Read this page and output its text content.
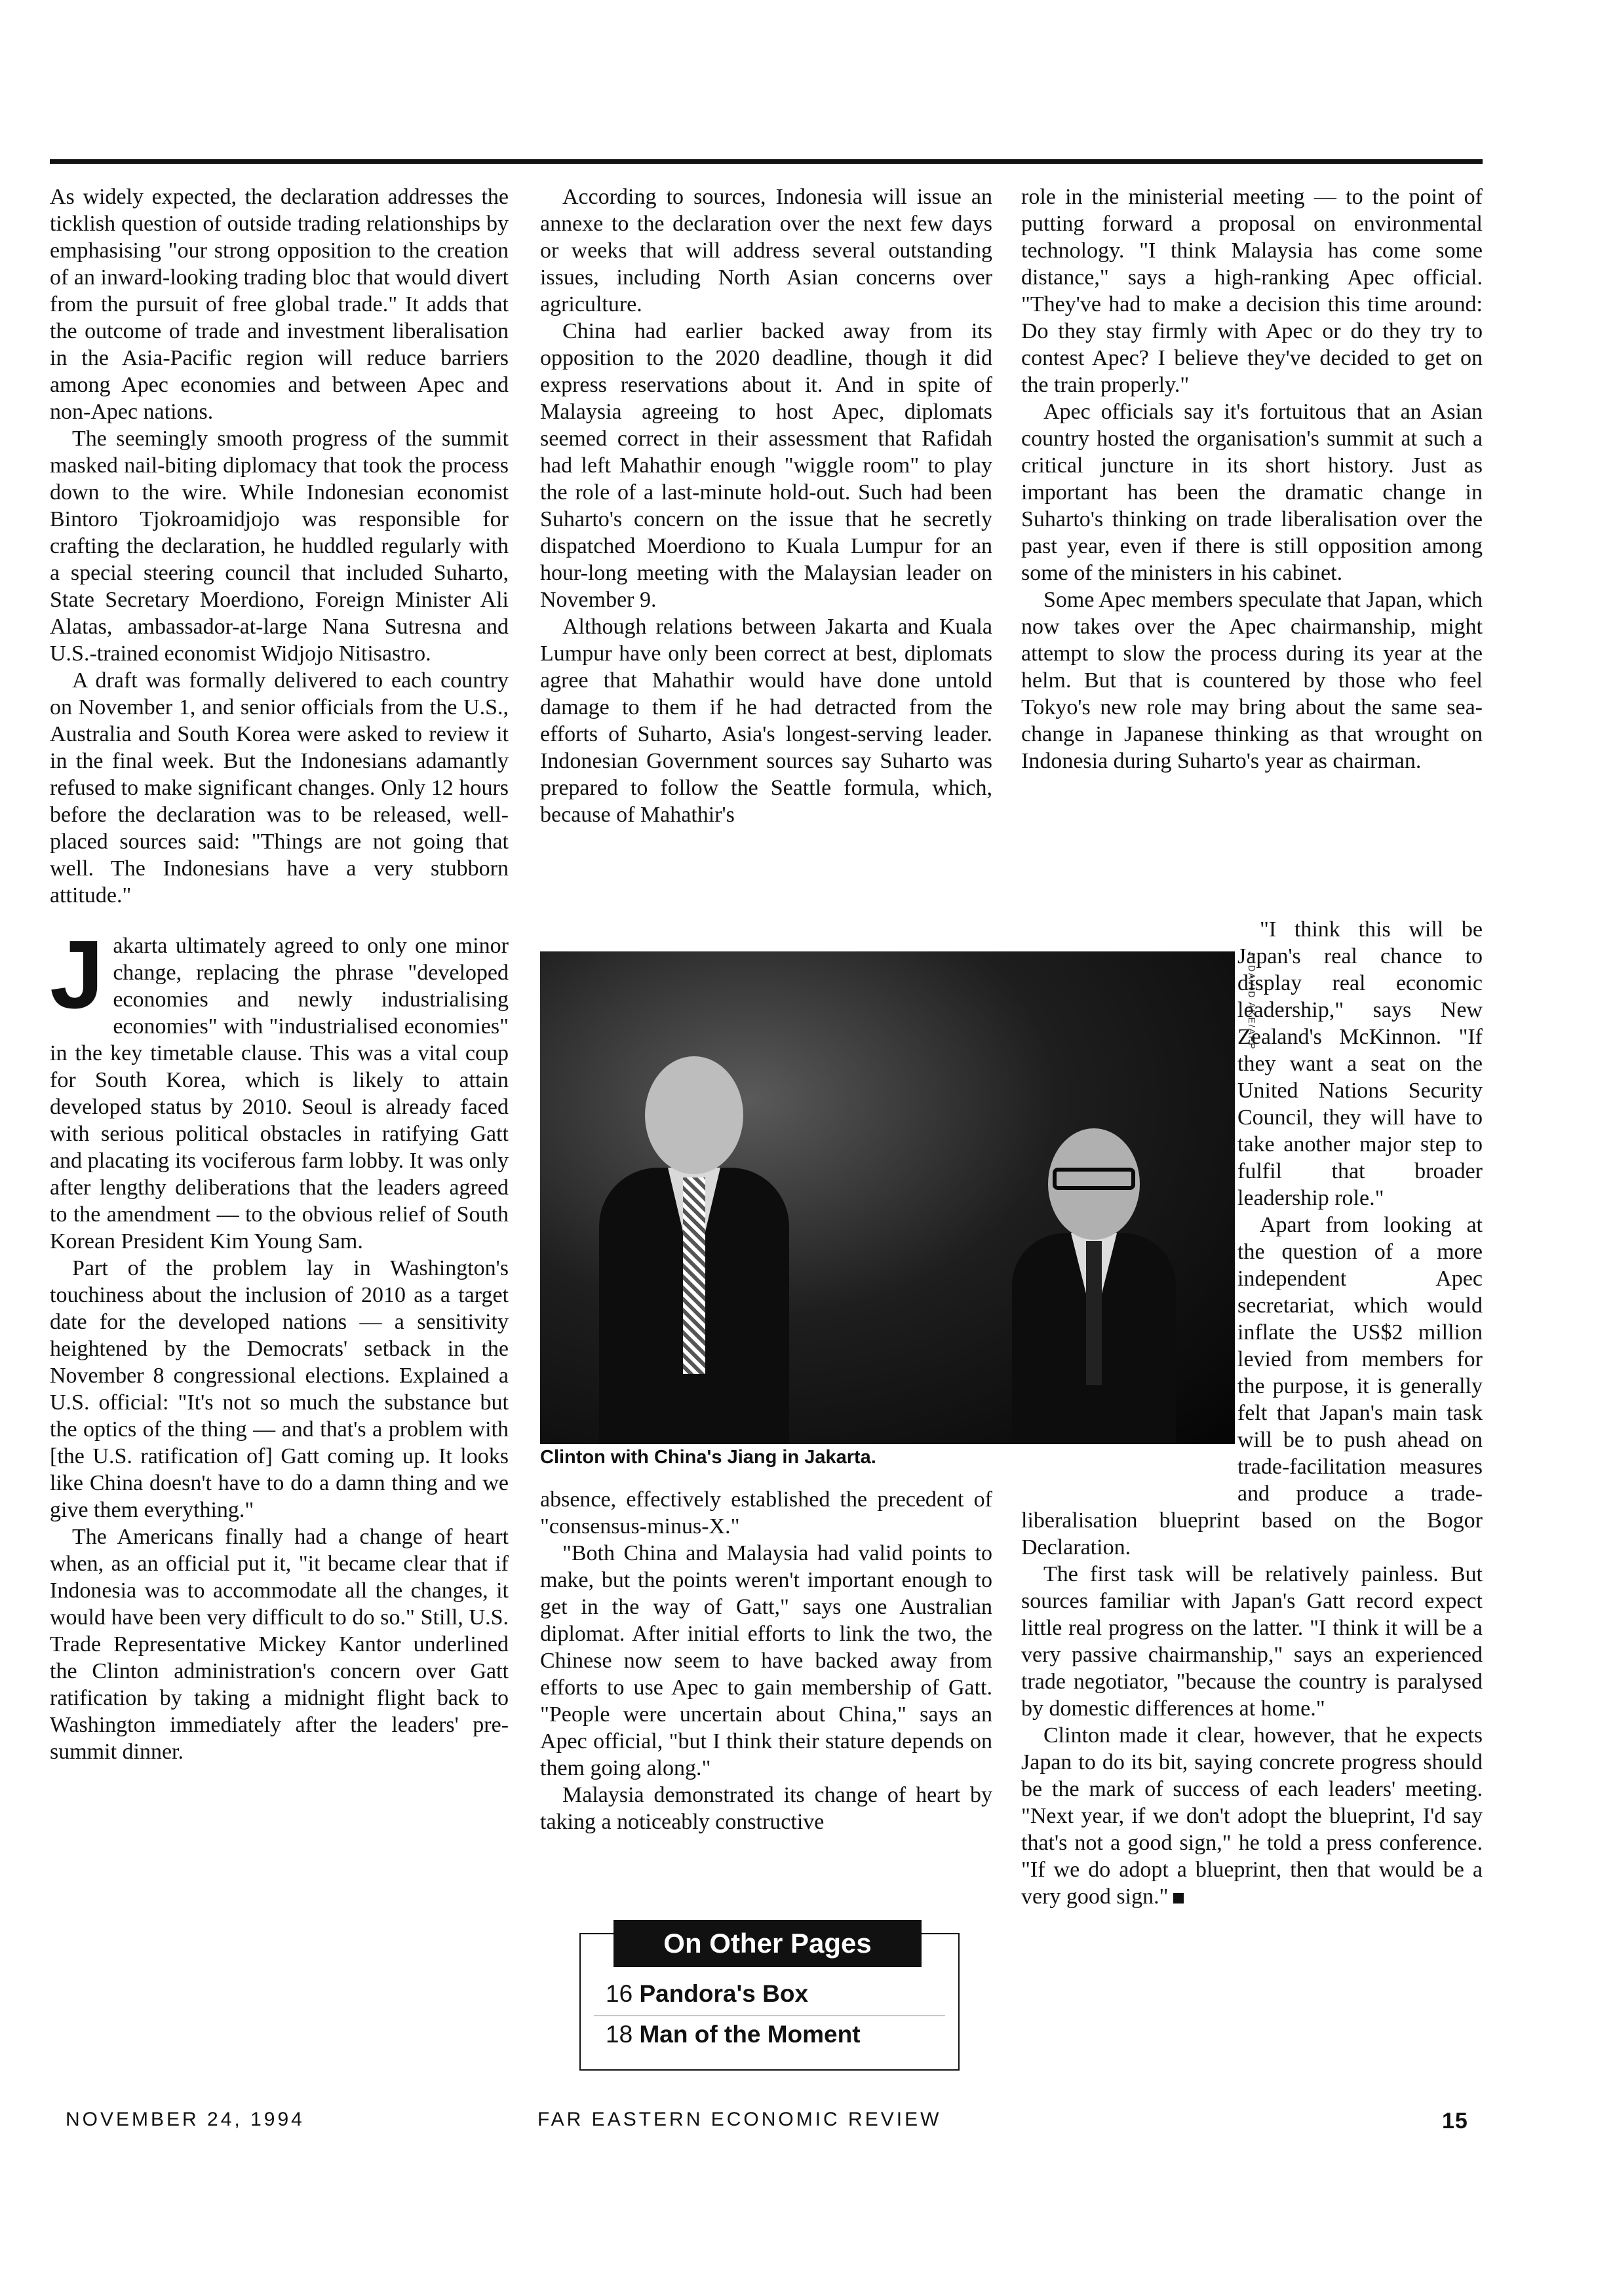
As widely expected, the declaration addresses the ticklish question of outside trading relationships by emphasising "our strong opposition to the creation of an inward-looking trading bloc that would divert from the pursuit of free global trade." It adds that the outcome of trade and investment liberalisation in the Asia-Pacific region will reduce barriers among Apec economies and between Apec and non-Apec nations.

The seemingly smooth progress of the summit masked nail-biting diplomacy that took the process down to the wire. While Indonesian economist Bintoro Tjokroamidjojo was responsible for crafting the declaration, he huddled regularly with a special steering council that included Suharto, State Secretary Moerdiono, Foreign Minister Ali Alatas, ambassador-at-large Nana Sutresna and U.S.-trained economist Widjojo Nitisastro.

A draft was formally delivered to each country on November 1, and senior officials from the U.S., Australia and South Korea were asked to review it in the final week. But the Indonesians adamantly refused to make significant changes. Only 12 hours before the declaration was to be released, well-placed sources said: "Things are not going that well. The Indonesians have a very stubborn attitude."

Jakarta ultimately agreed to only one minor change, replacing the phrase "developed economies and newly industrialising economies" with "industrialised economies" in the key timetable clause. This was a vital coup for South Korea, which is likely to attain developed status by 2010. Seoul is already faced with serious political obstacles in ratifying Gatt and placating its vociferous farm lobby. It was only after lengthy deliberations that the leaders agreed to the amendment — to the obvious relief of South Korean President Kim Young Sam.

Part of the problem lay in Washington's touchiness about the inclusion of 2010 as a target date for the developed nations — a sensitivity heightened by the Democrats' setback in the November 8 congressional elections. Explained a U.S. official: "It's not so much the substance but the optics of the thing — and that's a problem with [the U.S. ratification of] Gatt coming up. It looks like China doesn't have to do a damn thing and we give them everything."

The Americans finally had a change of heart when, as an official put it, "it became clear that if Indonesia was to accommodate all the changes, it would have been very difficult to do so." Still, U.S. Trade Representative Mickey Kantor underlined the Clinton administration's concern over Gatt ratification by taking a midnight flight back to Washington immediately after the leaders' pre-summit dinner.

According to sources, Indonesia will issue an annexe to the declaration over the next few days or weeks that will address several outstanding issues, including North Asian concerns over agriculture.

China had earlier backed away from its opposition to the 2020 deadline, though it did express reservations about it. And in spite of Malaysia agreeing to host Apec, diplomats seemed correct in their assessment that Rafidah had left Mahathir enough "wiggle room" to play the role of a last-minute hold-out. Such had been Suharto's concern on the issue that he secretly dispatched Moerdiono to Kuala Lumpur for an hour-long meeting with the Malaysian leader on November 9.

Although relations between Jakarta and Kuala Lumpur have only been correct at best, diplomats agree that Mahathir would have done untold damage to them if he had detracted from the efforts of Suharto, Asia's longest-serving leader. Indonesian Government sources say Suharto was prepared to follow the Seattle formula, which, because of Mahathir's

J. DAVID AKE/AFP
Clinton with China's Jiang in Jakarta.

absence, effectively established the precedent of "consensus-minus-X."

"Both China and Malaysia had valid points to make, but the points weren't important enough to get in the way of Gatt," says one Australian diplomat. After initial efforts to link the two, the Chinese now seem to have backed away from efforts to use Apec to gain membership of Gatt. "People were uncertain about China," says an Apec official, "but I think their stature depends on them going along."

Malaysia demonstrated its change of heart by taking a noticeably constructive

On Other Pages
16 Pandora's Box
18 Man of the Moment

role in the ministerial meeting — to the point of putting forward a proposal on environmental technology. "I think Malaysia has come some distance," says a high-ranking Apec official. "They've had to make a decision this time around: Do they stay firmly with Apec or do they try to contest Apec? I believe they've decided to get on the train properly."

Apec officials say it's fortuitous that an Asian country hosted the organisation's summit at such a critical juncture in its short history. Just as important has been the dramatic change in Suharto's thinking on trade liberalisation over the past year, even if there is still opposition among some of the ministers in his cabinet.

Some Apec members speculate that Japan, which now takes over the Apec chairmanship, might attempt to slow the process during its year at the helm. But that is countered by those who feel Tokyo's new role may bring about the same sea-change in Japanese thinking as that wrought on Indonesia during Suharto's year as chairman.

"I think this will be Japan's real chance to display real economic leadership," says New Zealand's McKinnon. "If they want a seat on the United Nations Security Council, they will have to take another major step to fulfil that broader leadership role."

Apart from looking at the question of a more independent Apec secretariat, which would inflate the US$2 million levied from members for the purpose, it is generally felt that Japan's main task will be to push ahead on trade-facilitation measures and produce a trade-liberalisation blueprint based on the Bogor Declaration.

The first task will be relatively painless. But sources familiar with Japan's Gatt record expect little real progress on the latter. "I think it will be a very passive chairmanship," says an experienced trade negotiator, "because the country is paralysed by domestic differences at home."

Clinton made it clear, however, that he expects Japan to do its bit, saying concrete progress should be the mark of success of each leaders' meeting. "Next year, if we don't adopt the blueprint, I'd say that's not a good sign," he told a press conference. "If we do adopt a blueprint, then that would be a very good sign."

NOVEMBER 24, 1994	FAR EASTERN ECONOMIC REVIEW	15
